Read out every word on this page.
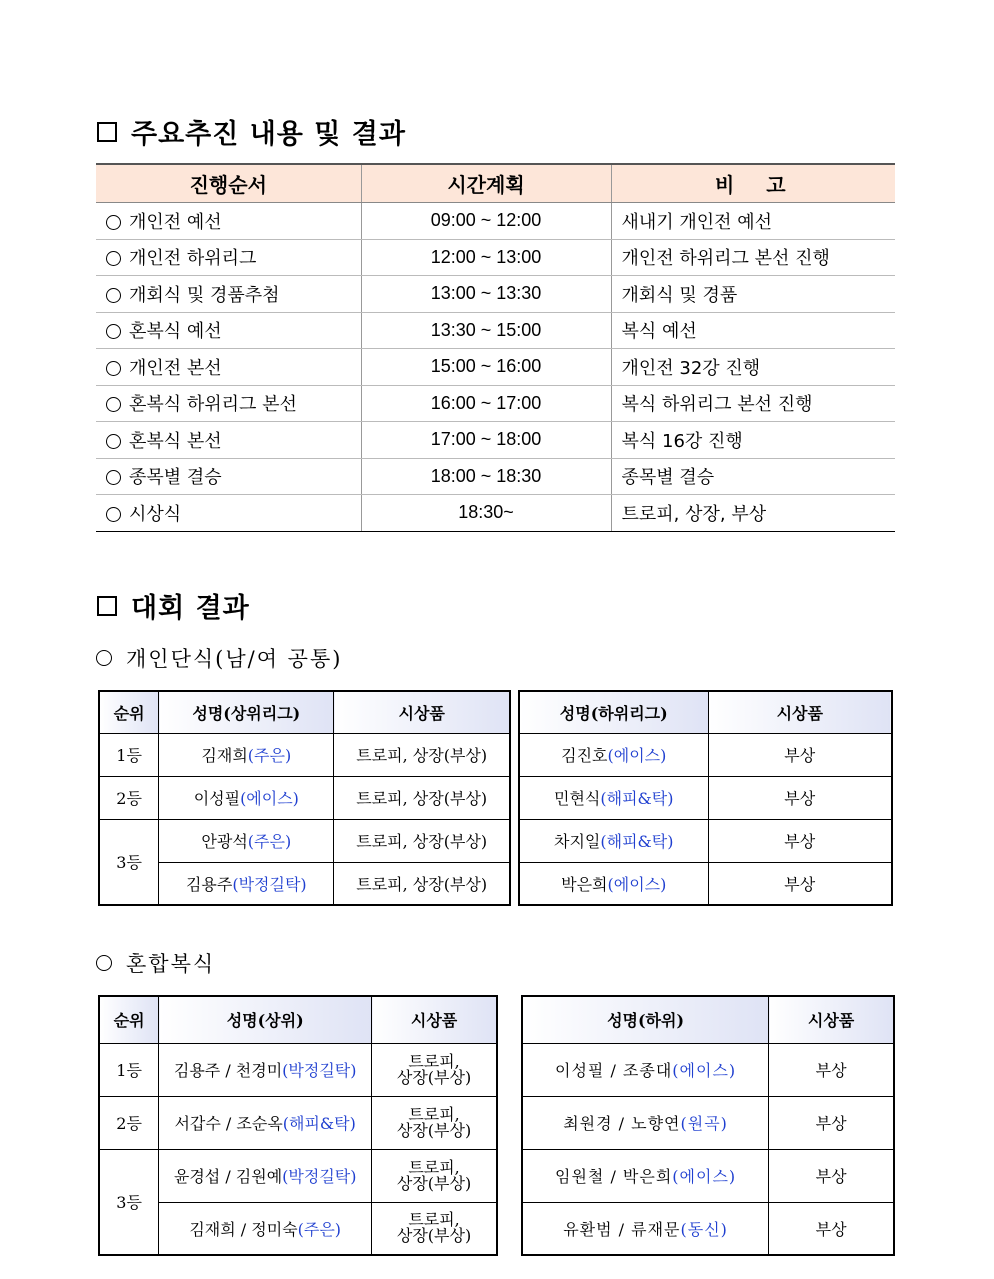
주요추진 내용 및 결과
진행순서	시간계획	비  고
개인전 예선	09:00 ~ 12:00	새내기 개인전 예선
개인전 하위리그	12:00 ~ 13:00	개인전 하위리그 본선 진행
개회식 및 경품추첨	13:00 ~ 13:30	개회식 및 경품
혼복식 예선	13:30 ~ 15:00	복식 예선
개인전 본선	15:00 ~ 16:00	개인전 32강 진행
혼복식 하위리그 본선	16:00 ~ 17:00	복식 하위리그 본선 진행
혼복식 본선	17:00 ~ 18:00	복식 16강 진행
종목별 결승	18:00 ~ 18:30	종목별 결승
시상식	18:30~	트로피, 상장, 부상
대회 결과
개인단식(남/여 공통)
순위	성명(상위리그)	시상품
1등	김재희(주은)	트로피, 상장(부상)
2등	이성필(에이스)	트로피, 상장(부상)
3등	안광석(주은)	트로피, 상장(부상)
	김용주(박정길탁)	트로피, 상장(부상)
성명(하위리그)	시상품
김진호(에이스)	부상
민현식(해피&탁)	부상
차지일(해피&탁)	부상
박은희(에이스)	부상
혼합복식
순위	성명(상위)	시상품
1등	김용주 / 천경미(박정길탁)	트로피,
상장(부상)

2등	서갑수 / 조순옥(해피&탁)	트로피,
상장(부상)

3등	윤경섭 / 김원예(박정길탁)	트로피,
상장(부상)

	김재희 / 정미숙(주은)	트로피,
상장(부상)
성명(하위)	시상품
이성필 / 조종대(에이스)	부상
최원경 / 노향연(원곡)	부상
임원철 / 박은희(에이스)	부상
유환범 / 류재문(동신)	부상
